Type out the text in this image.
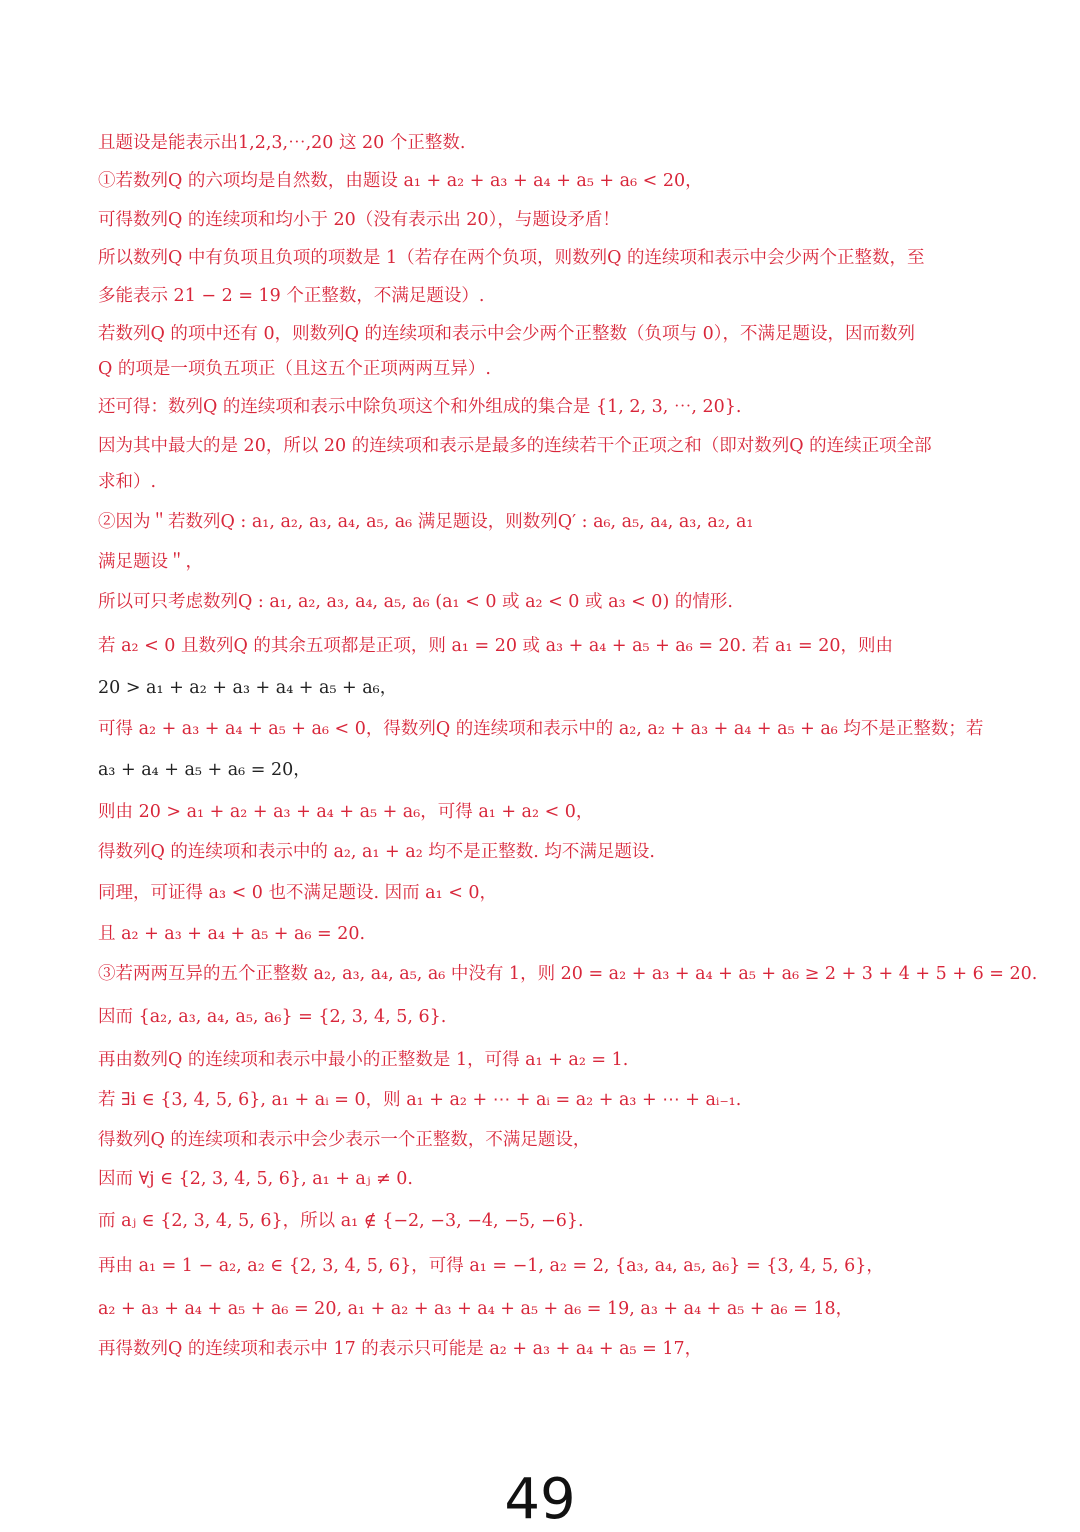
且题设是能表示出1,2,3,⋯,20 这 20 个正整数.
①若数列Q 的六项均是自然数，由题设 a₁ + a₂ + a₃ + a₄ + a₅ + a₆ < 20，
可得数列Q 的连续项和均小于 20（没有表示出 20），与题设矛盾！
所以数列Q 中有负项且负项的项数是 1（若存在两个负项，则数列Q 的连续项和表示中会少两个正整数，至
多能表示 21 − 2 = 19 个正整数，不满足题设）.
若数列Q 的项中还有 0，则数列Q 的连续项和表示中会少两个正整数（负项与 0），不满足题设，因而数列
Q 的项是一项负五项正（且这五个正项两两互异）.
还可得：数列Q 的连续项和表示中除负项这个和外组成的集合是 {1, 2, 3, ⋯, 20}.
因为其中最大的是 20，所以 20 的连续项和表示是最多的连续若干个正项之和（即对数列Q 的连续正项全部
求和）.
②因为＂若数列Q : a₁, a₂, a₃, a₄, a₅, a₆ 满足题设，则数列Q′ : a₆, a₅, a₄, a₃, a₂, a₁
满足题设＂，
所以可只考虑数列Q : a₁, a₂, a₃, a₄, a₅, a₆ (a₁ < 0 或 a₂ < 0 或 a₃ < 0) 的情形.
若 a₂ < 0 且数列Q 的其余五项都是正项，则 a₁ = 20 或 a₃ + a₄ + a₅ + a₆ = 20. 若 a₁ = 20，则由
20 > a₁ + a₂ + a₃ + a₄ + a₅ + a₆，
可得 a₂ + a₃ + a₄ + a₅ + a₆ < 0，得数列Q 的连续项和表示中的 a₂, a₂ + a₃ + a₄ + a₅ + a₆ 均不是正整数；若
a₃ + a₄ + a₅ + a₆ = 20，
则由 20 > a₁ + a₂ + a₃ + a₄ + a₅ + a₆，可得 a₁ + a₂ < 0，
得数列Q 的连续项和表示中的 a₂, a₁ + a₂ 均不是正整数. 均不满足题设.
同理，可证得 a₃ < 0 也不满足题设. 因而 a₁ < 0，
且 a₂ + a₃ + a₄ + a₅ + a₆ = 20.
③若两两互异的五个正整数 a₂, a₃, a₄, a₅, a₆ 中没有 1，则 20 = a₂ + a₃ + a₄ + a₅ + a₆ ≥ 2 + 3 + 4 + 5 + 6 = 20.
因而 {a₂, a₃, a₄, a₅, a₆} = {2, 3, 4, 5, 6}.
再由数列Q 的连续项和表示中最小的正整数是 1，可得 a₁ + a₂ = 1.
若 ∃i ∈ {3, 4, 5, 6}, a₁ + aᵢ = 0，则 a₁ + a₂ + ⋯ + aᵢ = a₂ + a₃ + ⋯ + aᵢ₋₁.
得数列Q 的连续项和表示中会少表示一个正整数，不满足题设，
因而 ∀j ∈ {2, 3, 4, 5, 6}, a₁ + aⱼ ≠ 0.
而 aⱼ ∈ {2, 3, 4, 5, 6}，所以 a₁ ∉ {−2, −3, −4, −5, −6}.
再由 a₁ = 1 − a₂, a₂ ∈ {2, 3, 4, 5, 6}，可得 a₁ = −1, a₂ = 2, {a₃, a₄, a₅, a₆} = {3, 4, 5, 6}，
a₂ + a₃ + a₄ + a₅ + a₆ = 20, a₁ + a₂ + a₃ + a₄ + a₅ + a₆ = 19, a₃ + a₄ + a₅ + a₆ = 18，
再得数列Q 的连续项和表示中 17 的表示只可能是 a₂ + a₃ + a₄ + a₅ = 17，
49
